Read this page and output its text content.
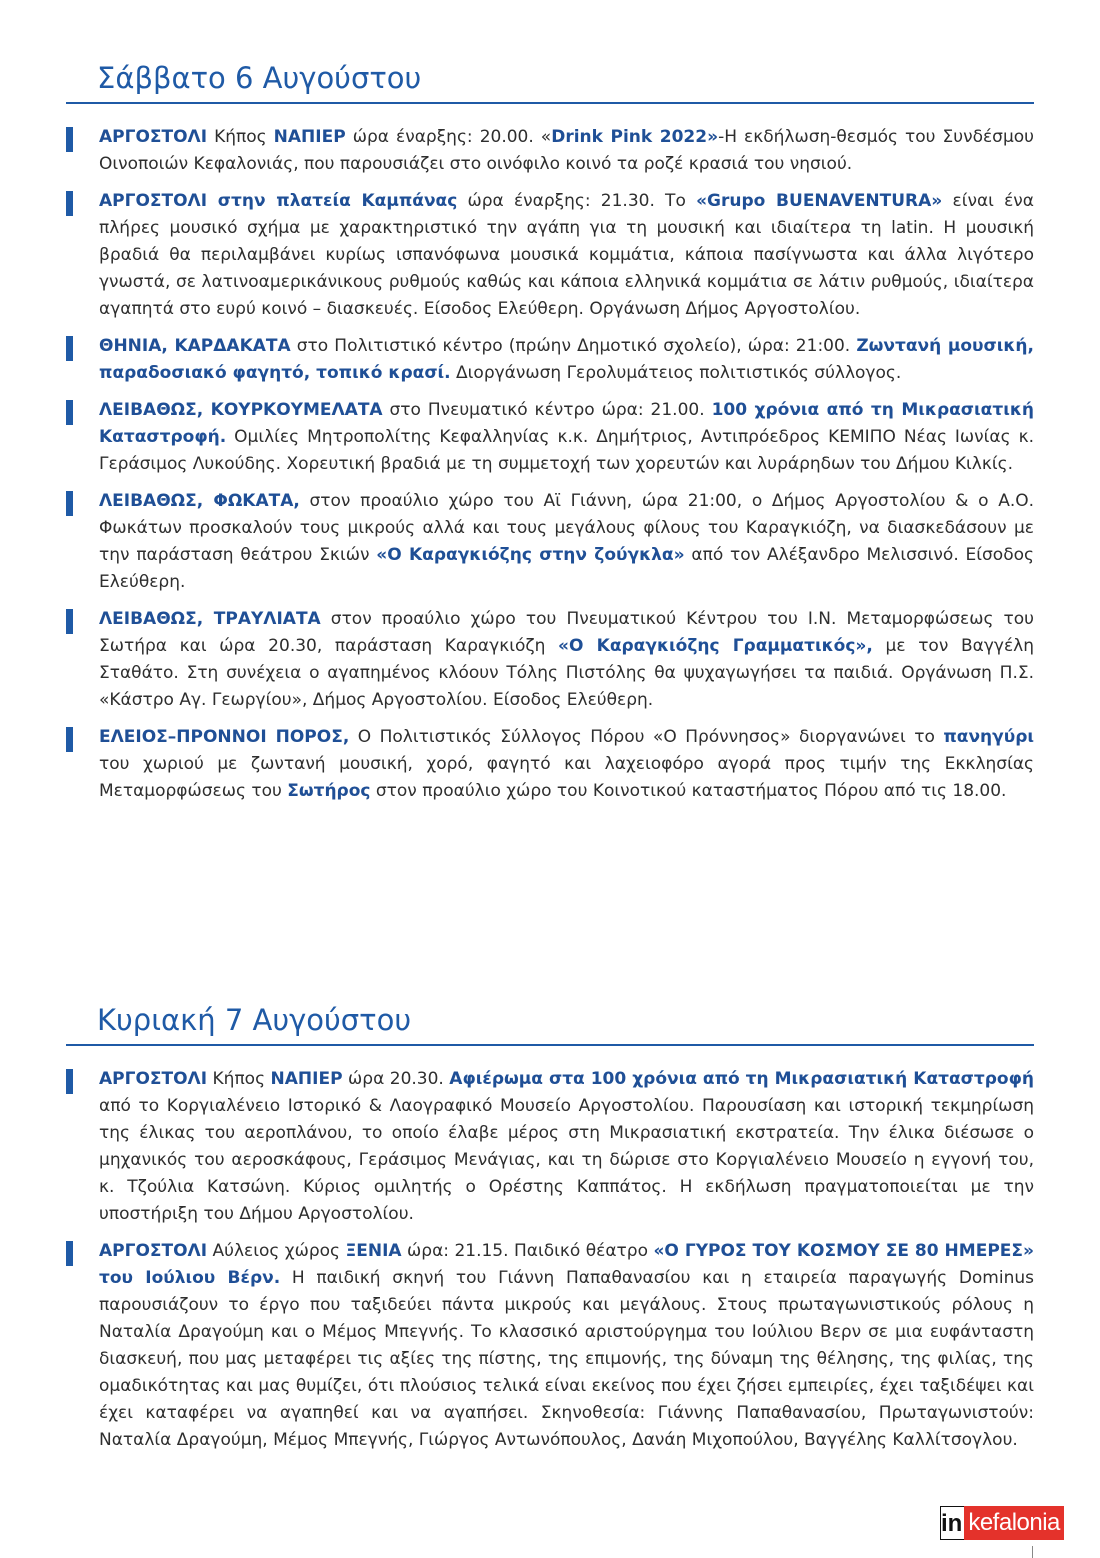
Σάββατο 6 Αυγούστου

ΑΡΓΟΣΤΟΛΙ Κήπος ΝΑΠΙΕΡ ώρα έναρξης: 20.00. «Drink Pink 2022»-Η εκδήλωση-θεσμός του Συνδέσμου Οινοποιών Κεφαλονιάς, που παρουσιάζει στο οινόφιλο κοινό τα ροζέ κρασιά του νησιού.

ΑΡΓΟΣΤΟΛΙ στην πλατεία Καμπάνας ώρα έναρξης: 21.30. Το «Grupo BUENAVENTURA» είναι ένα πλήρες μουσικό σχήμα με χαρακτηριστικό την αγάπη για τη μουσική και ιδιαίτερα τη latin. Η μουσική βραδιά θα περιλαμβάνει κυρίως ισπανόφωνα μουσικά κομμάτια, κάποια πασίγνωστα και άλλα λιγότερο γνωστά, σε λατινοαμερικάνικους ρυθμούς καθώς και κάποια ελληνικά κομμάτια σε λάτιν ρυθμούς, ιδιαίτερα αγαπητά στο ευρύ κοινό – διασκευές. Είσοδος Ελεύθερη. Οργάνωση Δήμος Αργοστολίου.

ΘΗΝΙΑ, ΚΑΡΔΑΚΑΤΑ στο Πολιτιστικό κέντρο (πρώην Δημοτικό σχολείο), ώρα: 21:00. Ζωντανή μουσική, παραδοσιακό φαγητό, τοπικό κρασί. Διοργάνωση Γερολυμάτειος πολιτιστικός σύλλογος.

ΛΕΙΒΑΘΩΣ, ΚΟΥΡΚΟΥΜΕΛΑΤΑ στο Πνευματικό κέντρο ώρα: 21.00. 100 χρόνια από τη Μικρασιατική Καταστροφή. Ομιλίες Μητροπολίτης Κεφαλληνίας κ.κ. Δημήτριος, Αντιπρόεδρος ΚΕΜΙΠΟ Νέας Ιωνίας κ. Γεράσιμος Λυκούδης. Χορευτική βραδιά με τη συμμετοχή των χορευτών και λυράρηδων του Δήμου Κιλκίς.

ΛΕΙΒΑΘΩΣ, ΦΩΚΑΤΑ, στον προαύλιο χώρο του Αϊ Γιάννη, ώρα 21:00, ο Δήμος Αργοστολίου & ο Α.Ο. Φωκάτων προσκαλούν τους μικρούς αλλά και τους μεγάλους φίλους του Καραγκιόζη, να διασκεδάσουν με την παράσταση θεάτρου Σκιών «Ο Καραγκιόζης στην ζούγκλα» από τον Αλέξανδρο Μελισσινό. Είσοδος Ελεύθερη.

ΛΕΙΒΑΘΩΣ, ΤΡΑΥΛΙΑΤΑ στον προαύλιο χώρο του Πνευματικού Κέντρου του Ι.Ν. Μεταμορφώσεως του Σωτήρα και ώρα 20.30, παράσταση Καραγκιόζη «Ο Καραγκιόζης Γραμματικός», με τον Βαγγέλη Σταθάτο. Στη συνέχεια ο αγαπημένος κλόουν Τόλης Πιστόλης θα ψυχαγωγήσει τα παιδιά. Οργάνωση Π.Σ. «Κάστρο Αγ. Γεωργίου», Δήμος Αργοστολίου. Είσοδος Ελεύθερη.

ΕΛΕΙΟΣ–ΠΡΟΝΝΟΙ ΠΟΡΟΣ, Ο Πολιτιστικός Σύλλογος Πόρου «Ο Πρόννησος» διοργανώνει το πανηγύρι του χωριού με ζωντανή μουσική, χορό, φαγητό και λαχειοφόρο αγορά προς τιμήν της Εκκλησίας Μεταμορφώσεως του Σωτήρος στον προαύλιο χώρο του Κοινοτικού καταστήματος Πόρου από τις 18.00.

Κυριακή 7 Αυγούστου

ΑΡΓΟΣΤΟΛΙ Κήπος ΝΑΠΙΕΡ ώρα 20.30. Αφιέρωμα στα 100 χρόνια από τη Μικρασιατική Καταστροφή από το Κοργιαλένειο Ιστορικό & Λαογραφικό Μουσείο Αργοστολίου. Παρουσίαση και ιστορική τεκμηρίωση της έλικας του αεροπλάνου, το οποίο έλαβε μέρος στη Μικρασιατική εκστρατεία. Την έλικα διέσωσε ο μηχανικός του αεροσκάφους, Γεράσιμος Μενάγιας, και τη δώρισε στο Κοργιαλένειο Μουσείο η εγγονή του, κ. Τζούλια Κατσώνη. Κύριος ομιλητής ο Ορέστης Καππάτος. Η εκδήλωση πραγματοποιείται με την υποστήριξη του Δήμου Αργοστολίου.

ΑΡΓΟΣΤΟΛΙ Αύλειος χώρος ΞΕΝΙΑ ώρα: 21.15. Παιδικό θέατρο «Ο ΓΥΡΟΣ ΤΟΥ ΚΟΣΜΟΥ ΣΕ 80 ΗΜΕΡΕΣ» του Ιούλιου Βέρν. Η παιδική σκηνή του Γιάννη Παπαθανασίου και η εταιρεία παραγωγής Dominus παρουσιάζουν το έργο που ταξιδεύει πάντα μικρούς και μεγάλους. Στους πρωταγωνιστικούς ρόλους η Ναταλία Δραγούμη και ο Μέμος Μπεγνής. Το κλασσικό αριστούργημα του Ιούλιου Βερν σε μια ευφάνταστη διασκευή, που μας μεταφέρει τις αξίες της πίστης, της επιμονής, της δύναμη της θέλησης, της φιλίας, της ομαδικότητας και μας θυμίζει, ότι πλούσιος τελικά είναι εκείνος που έχει ζήσει εμπειρίες, έχει ταξιδέψει και έχει καταφέρει να αγαπηθεί και να αγαπήσει. Σκηνοθεσία: Γιάννης Παπαθανασίου, Πρωταγωνιστούν: Ναταλία Δραγούμη, Μέμος Μπεγνής, Γιώργος Αντωνόπουλος, Δανάη Μιχοπούλου, Βαγγέλης Καλλίτσογλου.

in kefalonia
